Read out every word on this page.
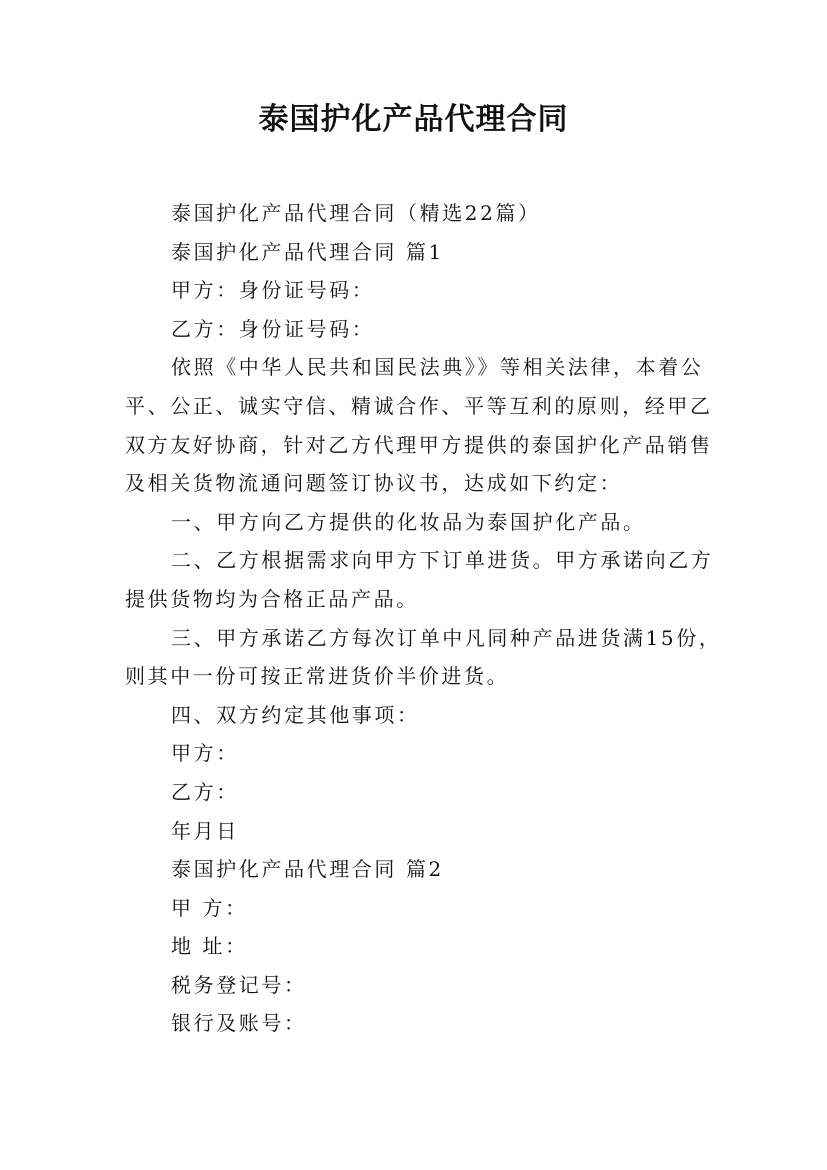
泰国护化产品代理合同

泰国护化产品代理合同（精选22篇）

泰国护化产品代理合同 篇1

甲方：身份证号码：

乙方：身份证号码：

依照《中华人民共和国民法典》》等相关法律，本着公

平、公正、诚实守信、精诚合作、平等互利的原则，经甲乙

双方友好协商，针对乙方代理甲方提供的泰国护化产品销售

及相关货物流通问题签订协议书，达成如下约定：

一、甲方向乙方提供的化妆品为泰国护化产品。

二、乙方根据需求向甲方下订单进货。甲方承诺向乙方

提供货物均为合格正品产品。

三、甲方承诺乙方每次订单中凡同种产品进货满15份，

则其中一份可按正常进货价半价进货。

四、双方约定其他事项：

甲方：

乙方：

年月日

泰国护化产品代理合同 篇2

甲 方：

地 址：

税务登记号：

银行及账号：
